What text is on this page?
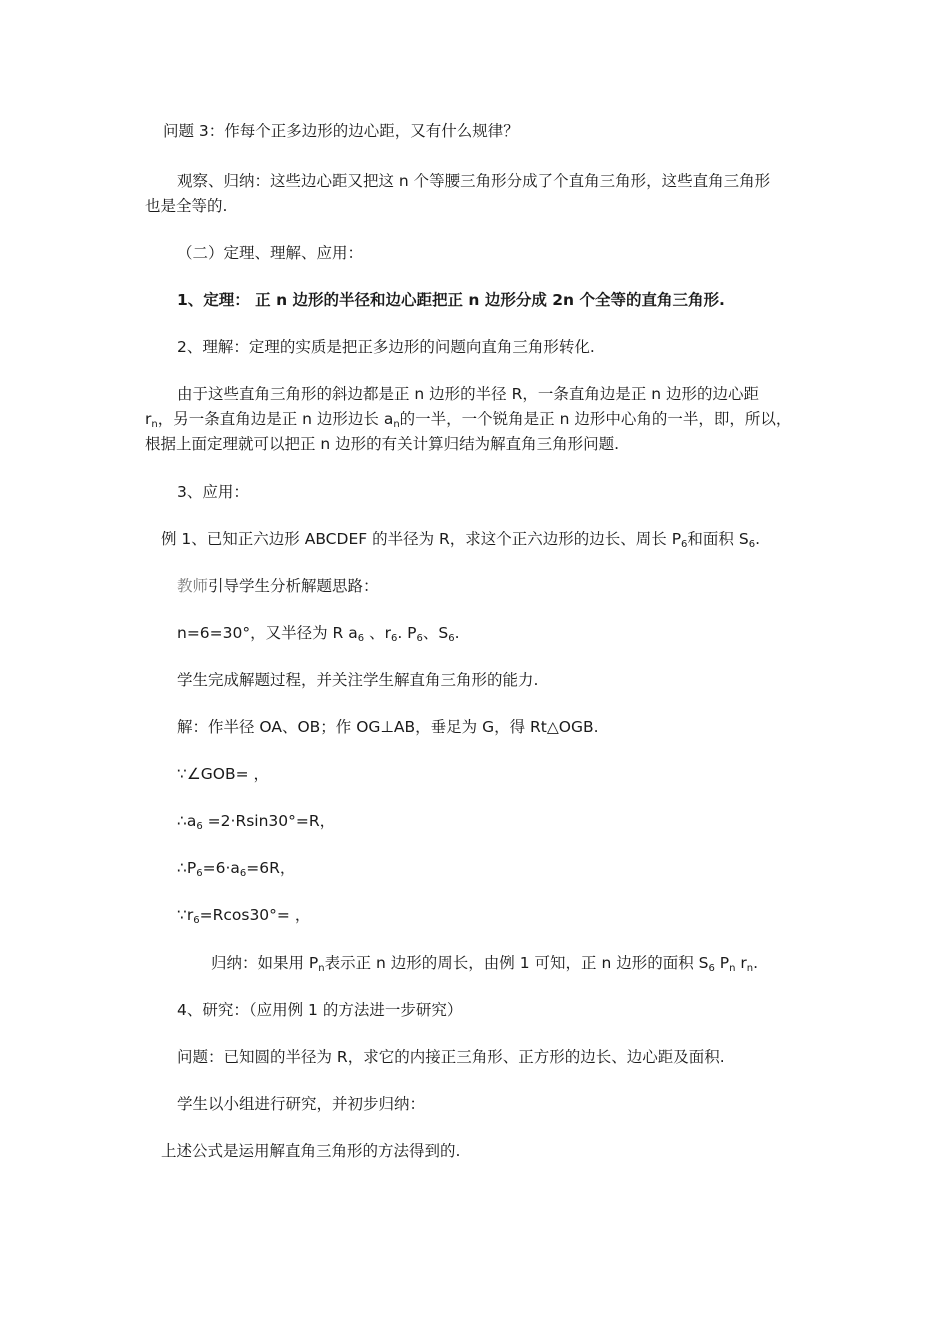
问题 3：作每个正多边形的边心距，又有什么规律？
观察、归纳：这些边心距又把这 n 个等腰三角形分成了个直角三角形，这些直角三角形
也是全等的.
（二）定理、理解、应用：
1、定理： 正 n 边形的半径和边心距把正 n 边形分成 2n 个全等的直角三角形.
2、理解：定理的实质是把正多边形的问题向直角三角形转化.
由于这些直角三角形的斜边都是正 n 边形的半径 R，一条直角边是正 n 边形的边心距
$r_n$，另一条直角边是正 n 边形边长 $a_n$的一半，一个锐角是正 n 边形中心角的一半，即，所以，
根据上面定理就可以把正 n 边形的有关计算归结为解直角三角形问题.
3、应用：
例 1、已知正六边形 ABCDEF 的半径为 R，求这个正六边形的边长、周长 $P_6$和面积 $S_6$.
教师引导学生分析解题思路：
n=6=30°，又半径为 R $a_6$ 、$r_6$. $P_6$、$S_6$.
学生完成解题过程，并关注学生解直角三角形的能力.
解：作半径 OA、OB；作 OG⊥AB，垂足为 G，得 Rt△OGB.
∵∠GOB= ，
$\therefore a_6 =2\cdot Rsin30^\circ=R$，
$\therefore P_6=6\cdot a_6=6R$，
$\because r_6=Rcos30^\circ=$ ，
归纳：如果用 $P_n$表示正 n 边形的周长，由例 1 可知，正 n 边形的面积 $S_6$ $P_n$ $r_n$.
4、研究：（应用例 1 的方法进一步研究）
问题：已知圆的半径为 R，求它的内接正三角形、正方形的边长、边心距及面积.
学生以小组进行研究，并初步归纳：
上述公式是运用解直角三角形的方法得到的.
